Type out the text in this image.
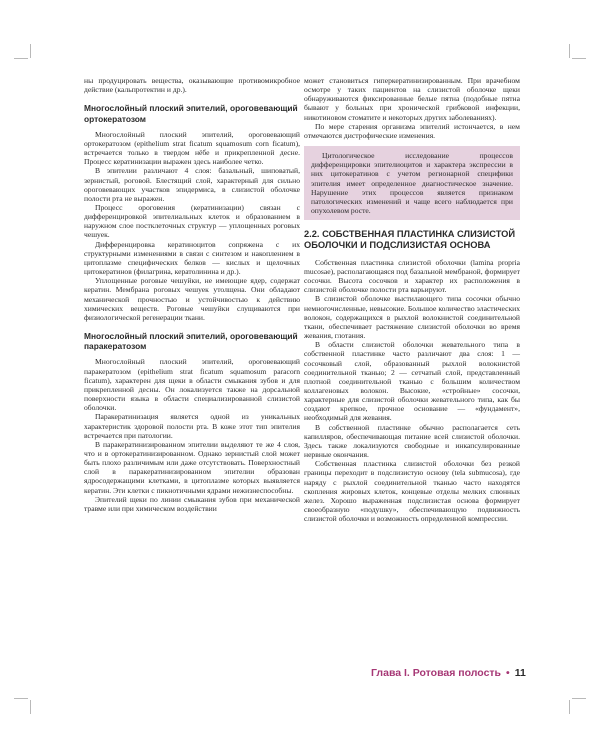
ны продуцировать вещества, оказывающие противомикробное действие (кальпротектин и др.).

Многослойный плоский эпителий, ороговевающий ортокератозом

Многослойный плоский эпителий, ороговевающий ортокератозом (epithelium strat ficatum squamosum corn ficatum), встречается только в твердом нёбе и прикрепленной десне. Процесс кератинизации выражен здесь наиболее четко.

В эпителии различают 4 слоя: базальный, шиповатый, зернистый, роговой. Блестящий слой, характерный для сильно ороговевающих участков эпидермиса, в слизистой оболочке полости рта не выражен.

Процесс ороговения (кератинизации) связан с дифференцировкой эпителиальных клеток и образованием в наружном слое постклеточных структур — уплощенных роговых чешуек.

Дифференцировка кератиноцитов сопряжена с их структурными изменениями в связи с синтезом и накоплением в цитоплазме специфических белков — кислых и щелочных цитокератинов (филагрина, кератолинина и др.).

Уплощенные роговые чешуйки, не имеющие ядер, содержат кератин. Мембрана роговых чешуек утолщена. Они обладают механической прочностью и устойчивостью к действию химических веществ. Роговые чешуйки слущиваются при физиологической регенерации ткани.

Многослойный плоский эпителий, ороговевающий паракератозом

Многослойный плоский эпителий, ороговевающий паракератозом (epithelium strat ficatum squamosum paracorn ficatum), характерен для щеки в области смыкания зубов и для прикрепленной десны. Он локализуется также на дорсальной поверхности языка в области специализированной слизистой оболочки.

Паракератинизация является одной из уникальных характеристик здоровой полости рта. В коже этот тип эпителия встречается при патологии.

В паракератинизированном эпителии выделяют те же 4 слоя, что и в ортокератинизированном. Однако зернистый слой может быть плохо различимым или даже отсутствовать. Поверхностный слой в паракератинизированном эпителии образован ядросодержащими клетками, в цитоплазме которых выявляется кератин. Эти клетки с пикнотичными ядрами нежизнеспособны.

Эпителий щеки по линии смыкания зубов при механической травме или при химическом воздействии

может становиться гиперкератинизированным. При врачебном осмотре у таких пациентов на слизистой оболочке щеки обнаруживаются фиксированные белые пятна (подобные пятна бывают у больных при хронической грибковой инфекции, никотиновом стоматите и некоторых других заболеваниях).

По мере старения организма эпителий истончается, в нем отмечаются дистрофические изменения.

Цитологическое исследование процессов дифференцировки эпителиоцитов и характера экспрессии в них цитокератинов с учетом регионарной специфики эпителия имеет определенное диагностическое значение. Нарушение этих процессов является признаком патологических изменений и чаще всего наблюдается при опухолевом росте.

2.2. СОБСТВЕННАЯ ПЛАСТИНКА СЛИЗИСТОЙ ОБОЛОЧКИ И ПОДСЛИЗИСТАЯ ОСНОВА

Собственная пластинка слизистой оболочки (lamina propria mucosae), располагающаяся под базальной мембраной, формирует сосочки. Высота сосочков и характер их расположения в слизистой оболочке полости рта варьируют.

В слизистой оболочке выстилающего типа сосочки обычно немногочисленные, невысокие. Большое количество эластических волокон, содержащихся в рыхлой волокнистой соединительной ткани, обеспечивает растяжение слизистой оболочки во время жевания, глотания.

В области слизистой оболочки жевательного типа в собственной пластинке часто различают два слоя: 1 — сосочковый слой, образованный рыхлой волокнистой соединительной тканью; 2 — сетчатый слой, представленный плотной соединительной тканью с большим количеством коллагеновых волокон. Высокие, «стройные» сосочки, характерные для слизистой оболочки жевательного типа, как бы создают крепкое, прочное основание — «фундамент», необходимый для жевания.

В собственной пластинке обычно располагается сеть капилляров, обеспечивающая питание всей слизистой оболочки. Здесь также локализуются свободные и инкапсулированные нервные окончания.

Собственная пластинка слизистой оболочки без резкой границы переходит в подслизистую основу (tela submucosa), где наряду с рыхлой соединительной тканью часто находятся скопления жировых клеток, концевые отделы мелких слюнных желез. Хорошо выраженная подслизистая основа формирует своеобразную «подушку», обеспечивающую подвижность слизистой оболочки и возможность определенной компрессии.

Глава I. Ротовая полость • 11
